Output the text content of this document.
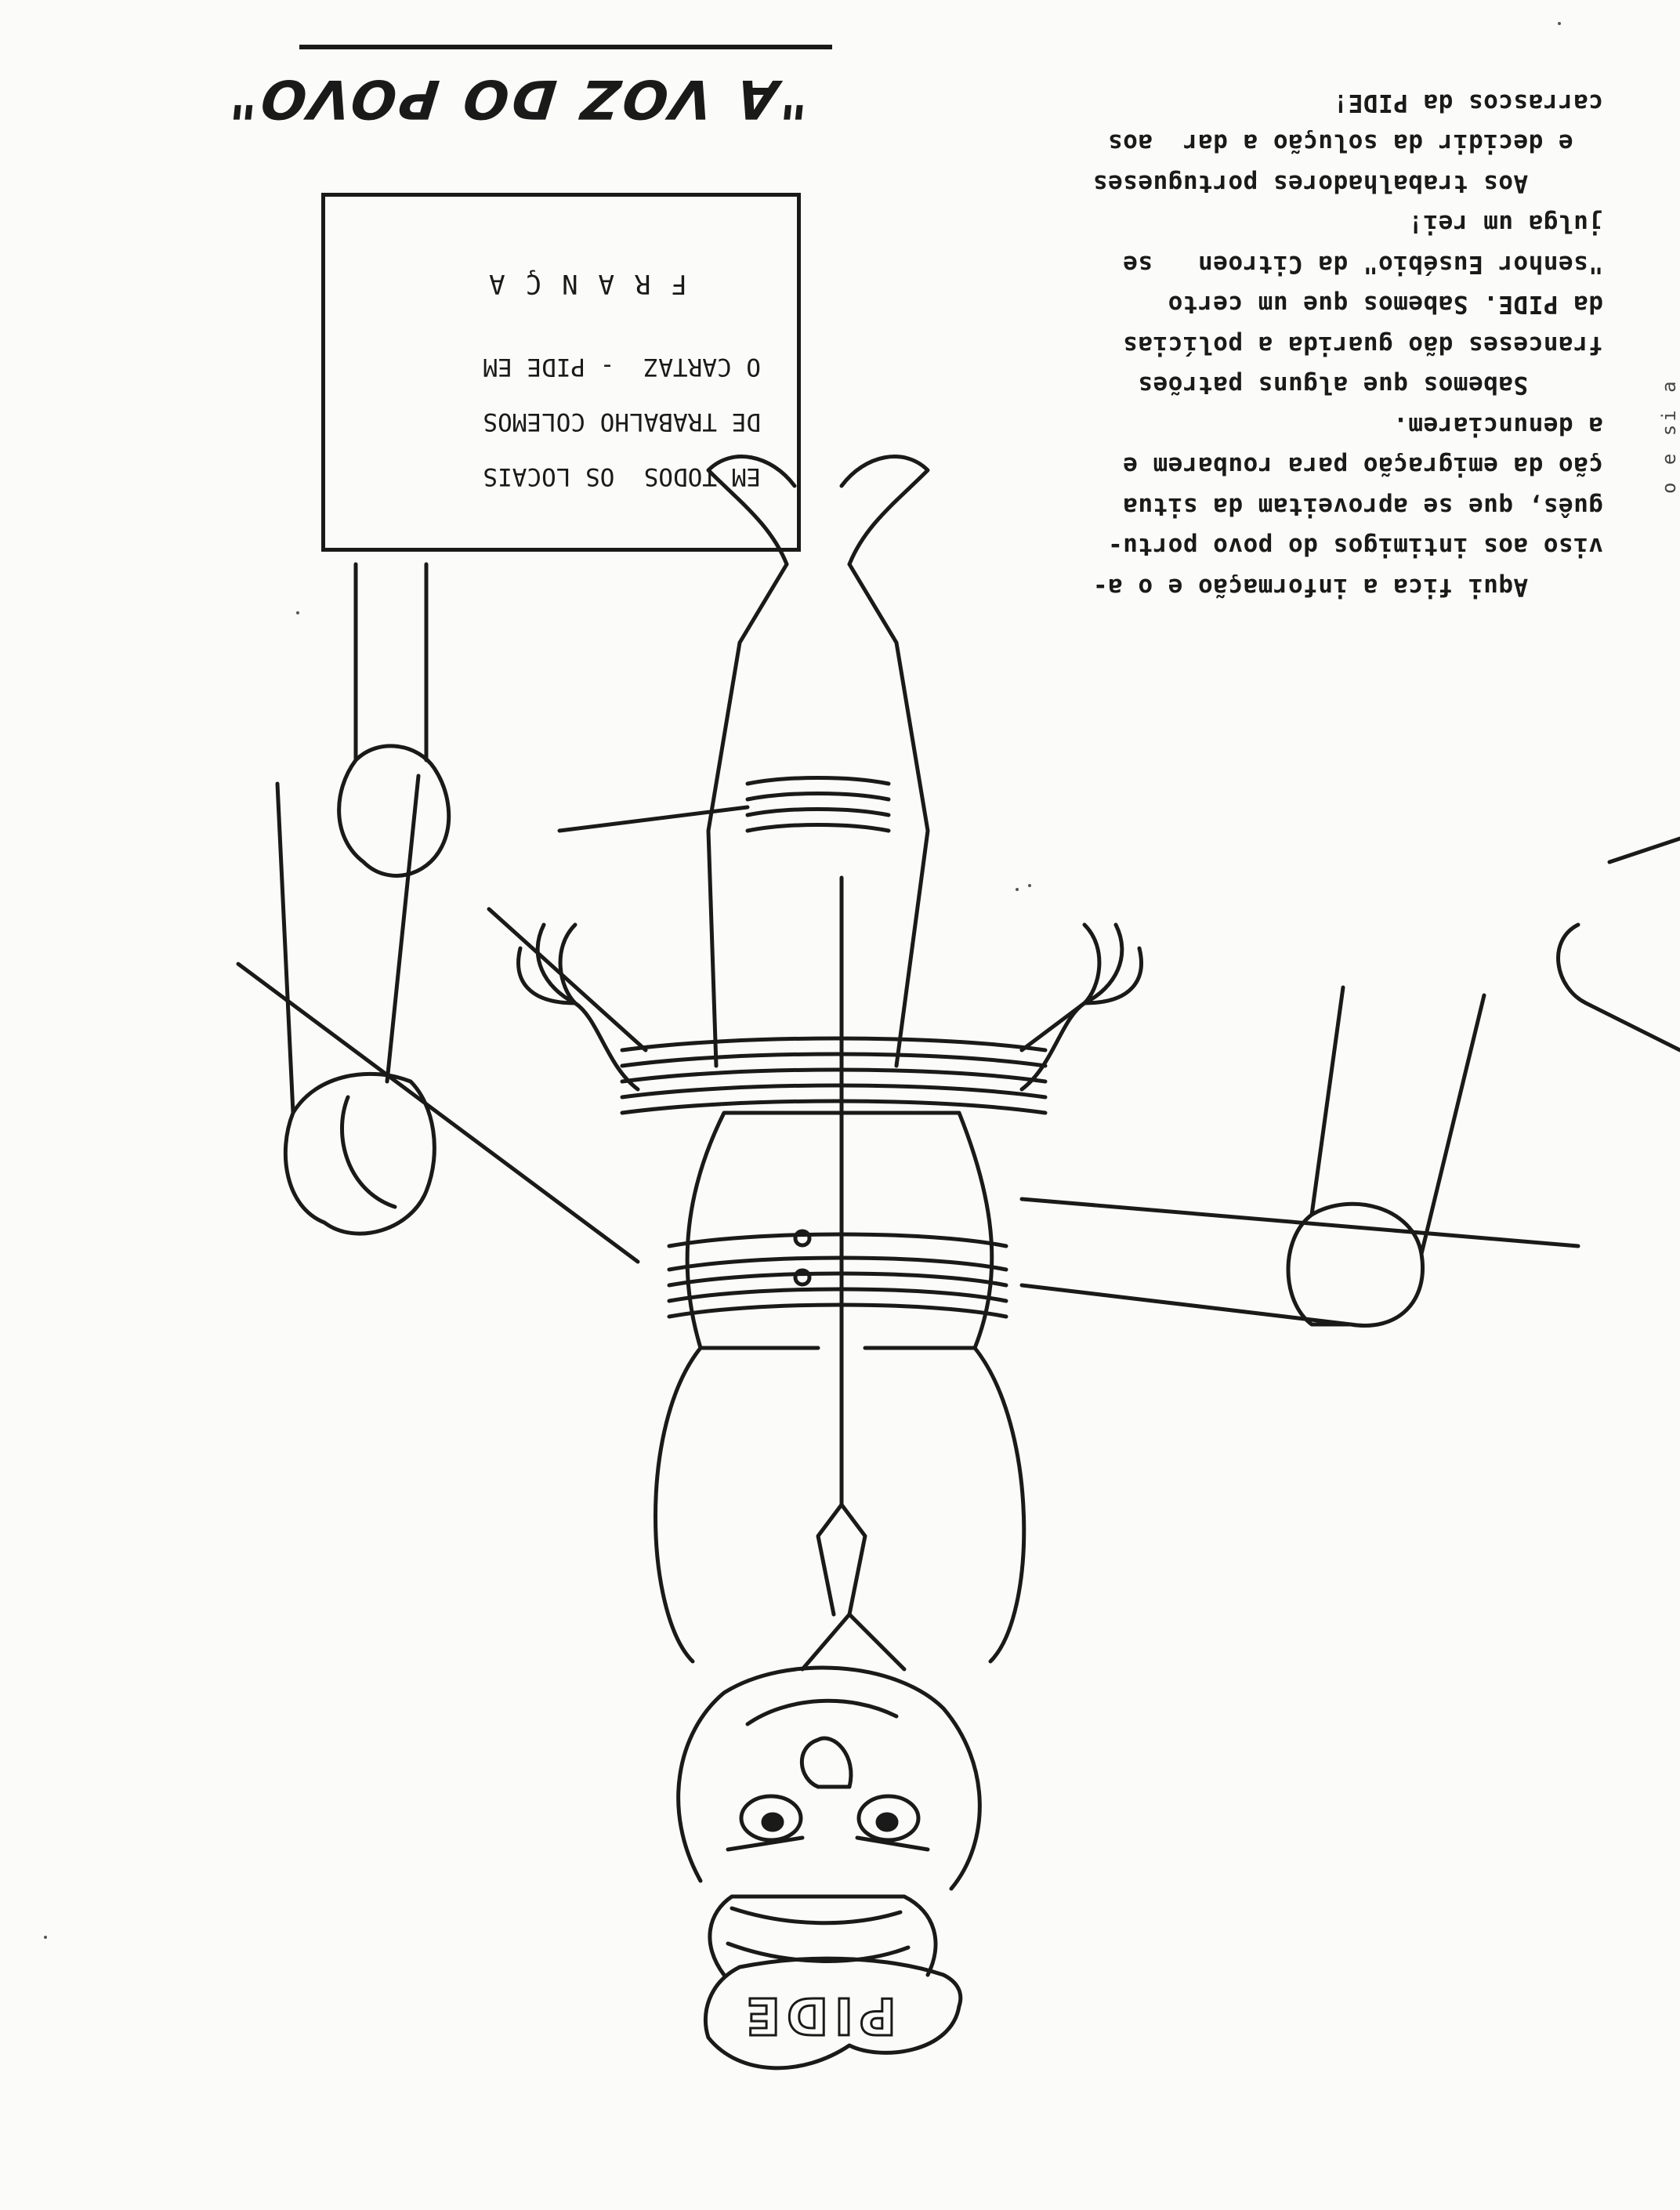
PIDE
Aqui fica a informação e o a-
viso aos intimigos do povo portu-
guês, que se aproveitam da situa
ção da emigração para roubarem e
a denunciarem.
Sabemos que alguns patrões
franceses dão guarida a polícias
da PIDE. Sabemos que um certo
"senhor Eusébio" da Citroen   se
julga um rei!
Aos trabalhadores portugueses
e decidir da solução a dar  aos
carrascos da PIDE!
"A VOZ DO POVO"
EM TODOS  OS LOCAIS
DE TRABALHO COLEMOS
O CARTAZ  - PIDE EM
FRANÇA
o e si a
